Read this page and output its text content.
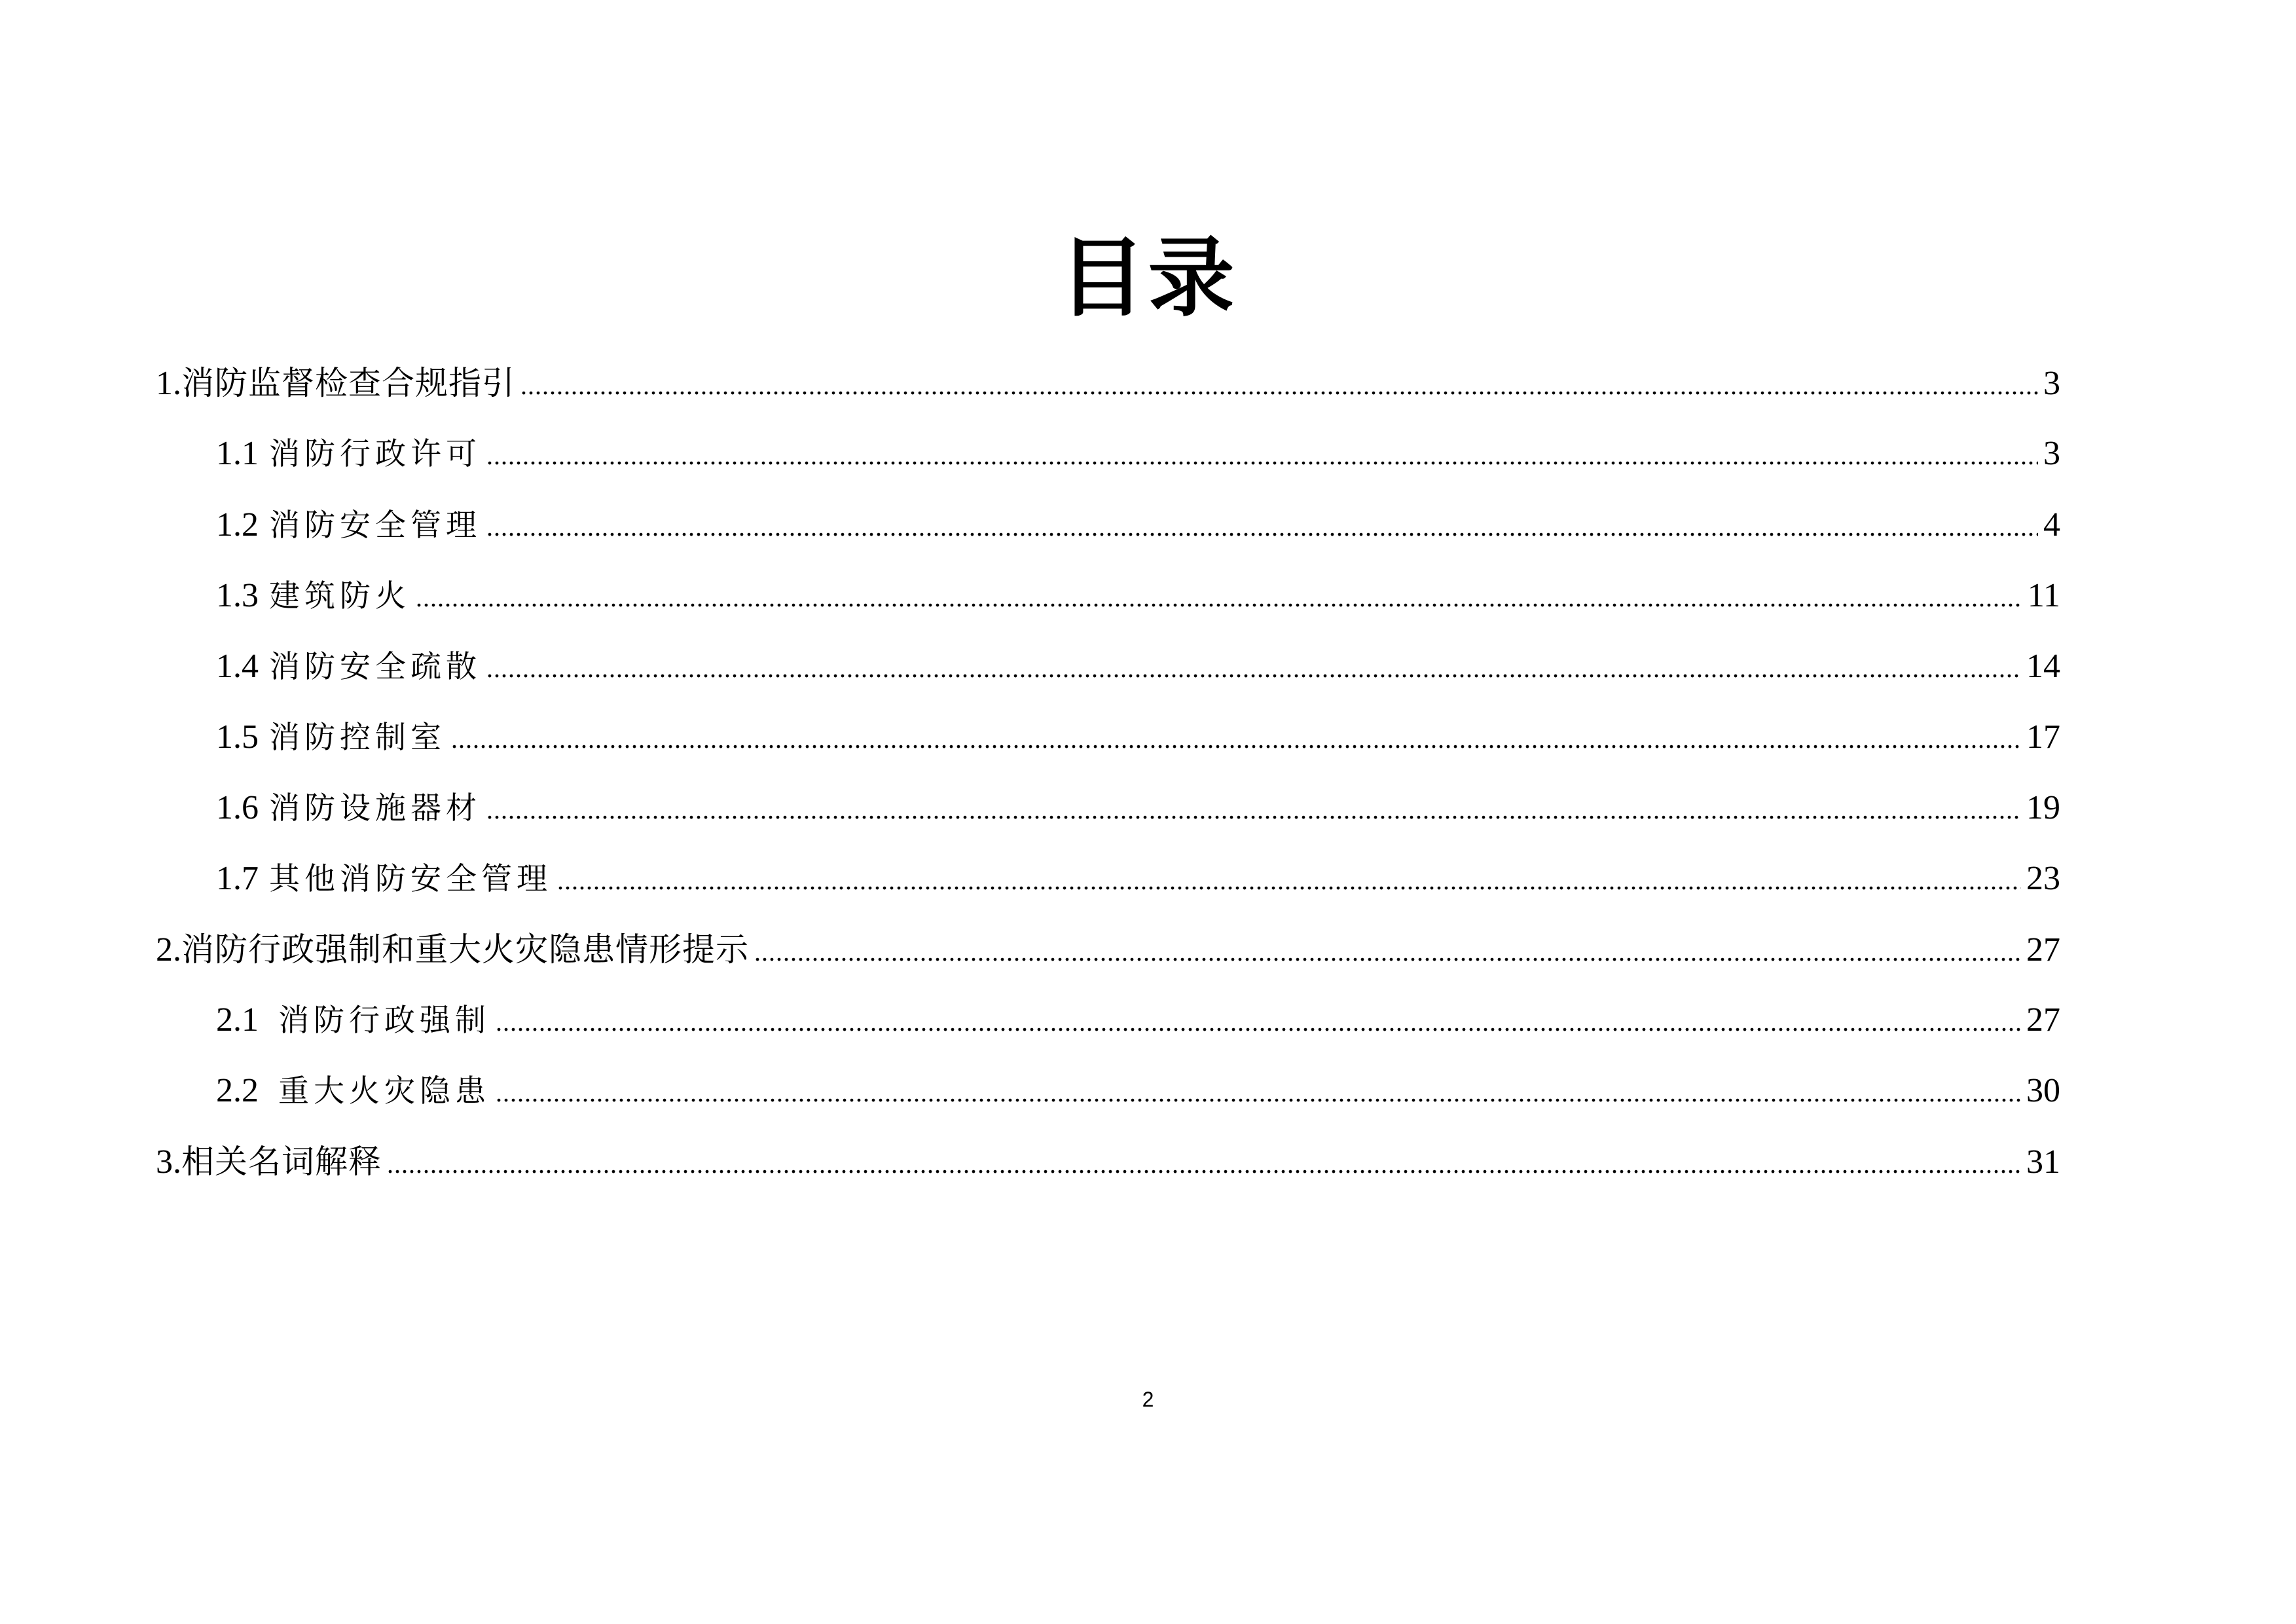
目录
1. 消防监督检查合规指引 .....	3
1.1 消防行政许可 .....	3
1.2 消防安全管理 .....	4
1.3 建筑防火 .....	11
1.4 消防安全疏散 .....	14
1.5 消防控制室 .....	17
1.6 消防设施器材 .....	19
1.7 其他消防安全管理 .....	23
2. 消防行政强制和重大火灾隐患情形提示 .....	27
2.1 消防行政强制 .....	27
2.2 重大火灾隐患 .....	30
3. 相关名词解释 .....	31
2
